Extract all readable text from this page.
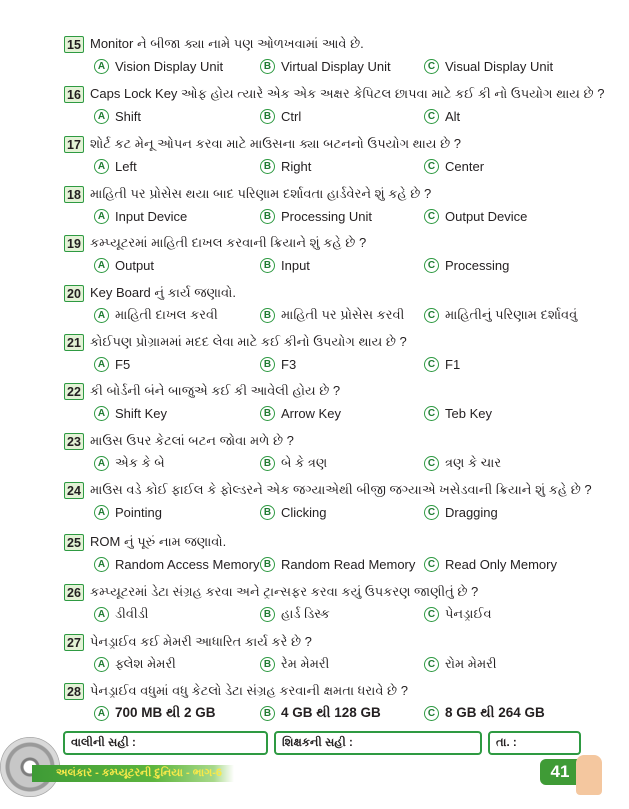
15 Monitor ને બીજા ક્યા નામે પણ ઓળખવામાં આવે છે.
A Vision Display Unit	B Virtual Display Unit	C Visual Display Unit
16 Caps Lock Key ઓફ હોય ત્યારે એક એક અક્ષર કેપિટલ છાપવા માટે કઈ કી નો ઉપયોગ થાય છે ?
A Shift	B Ctrl	C Alt
17 શોર્ટ કટ મેનૂ ઓપન કરવા માટે માઉસના ક્યા બટનનો ઉપયોગ થાય છે ?
A Left	B Right	C Center
18 માહિતી પર પ્રોસેસ થયા બાદ પરિણામ દર્શાવતા હાર્ડવેરને શું કહે છે ?
A Input Device	B Processing Unit	C Output Device
19 કમ્પ્યૂટરમાં માહિતી દાખલ કરવાની ક્રિયાને શું કહે છે ?
A Output	B Input	C Processing
20 Key Board નું કાર્ય જણાવો.
A માહિતી દાખલ કરવી	B માહિતી પર પ્રોસેસ કરવી	C માહિતીનું પરિણામ દર્શાવવું
21 કોઈપણ પ્રોગ્રામમાં મદદ લેવા માટે કઈ કીનો ઉપયોગ થાય છે ?
A F5	B F3	C F1
22 કી બોર્ડની બંને બાજુએ કઈ કી આવેલી હોય છે ?
A Shift Key	B Arrow Key	C Teb Key
23 માઉસ ઉપર કેટલાં બટન જોવા મળે છે ?
A એક કે બે	B બે કે ત્રણ	C ત્રણ કે ચાર
24 માઉસ વડે કોઈ ફાઈલ કે ફોલ્ડરને એક જગ્યાએથી બીજી જગ્યાએ ખસેડવાની ક્રિયાને શું કહે છે ?
A Pointing	B Clicking	C Dragging
25 ROM નું પૂરું નામ જણાવો.
A Random Access Memory B Random Read Memory	C Read Only Memory
26 કમ્પ્યૂટરમાં ડેટા સંગ્રહ કરવા અને ટ્રાન્સફર કરવા કયું ઉપકરણ જાણીતું છે ?
A ડીવીડી	B હાર્ડ ડિસ્ક	C પેનડ્રાઈવ
27 પેનડ્રાઈવ કઈ મેમરી આધારિત કાર્ય કરે છે ?
A ફ્લેશ મેમરી	B રેમ મેમરી	C રોમ મેમરી
28 પેનડ્રાઈવ વધુમાં વધુ કેટલો ડેટા સંગ્રહ કરવાની ક્ષમતા ધરાવે છે ?
A 700 MB થી 2 GB	B 4 GB થી 128 GB	C 8 GB થી 264 GB
વાલીની સહી :	શિક્ષકની સહી :	તા. :
અલંકાર - કમ્પ્યૂટરની દુનિયા - ભાગ-6	41
